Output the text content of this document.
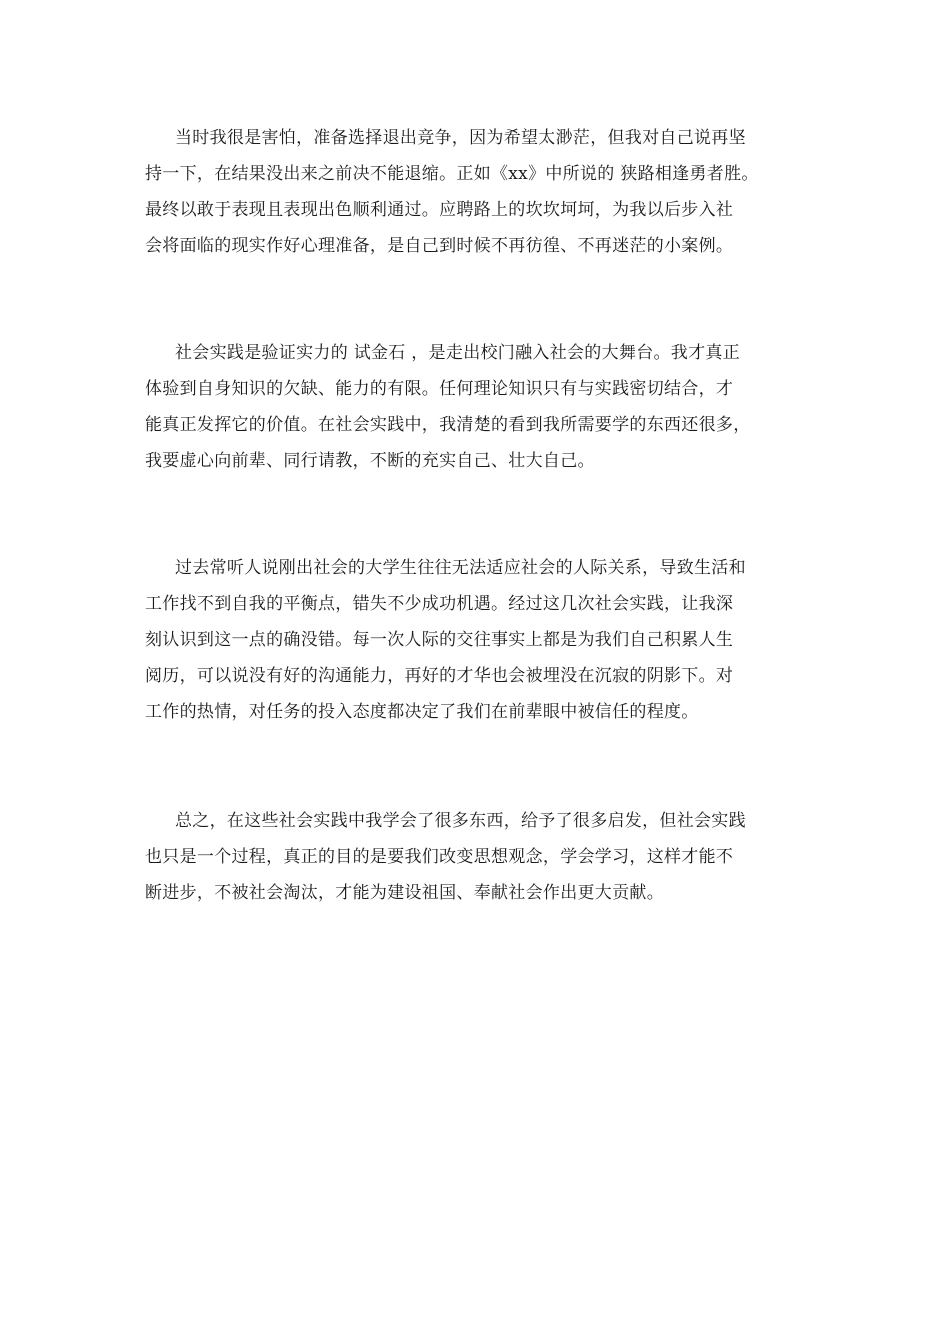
当时我很是害怕，准备选择退出竞争，因为希望太渺茫，但我对自己说再坚
持一下，在结果没出来之前决不能退缩。正如《xx》中所说的 狭路相逢勇者胜。
最终以敢于表现且表现出色顺利通过。应聘路上的坎坎坷坷，为我以后步入社
会将面临的现实作好心理准备，是自己到时候不再彷徨、不再迷茫的小案例。
社会实践是验证实力的 试金石 ，是走出校门融入社会的大舞台。我才真正
体验到自身知识的欠缺、能力的有限。任何理论知识只有与实践密切结合，才
能真正发挥它的价值。在社会实践中，我清楚的看到我所需要学的东西还很多，
我要虚心向前辈、同行请教，不断的充实自己、壮大自己。
过去常听人说刚出社会的大学生往往无法适应社会的人际关系，导致生活和
工作找不到自我的平衡点，错失不少成功机遇。经过这几次社会实践，让我深
刻认识到这一点的确没错。每一次人际的交往事实上都是为我们自己积累人生
阅历，可以说没有好的沟通能力，再好的才华也会被埋没在沉寂的阴影下。对
工作的热情，对任务的投入态度都决定了我们在前辈眼中被信任的程度。
总之，在这些社会实践中我学会了很多东西，给予了很多启发，但社会实践
也只是一个过程，真正的目的是要我们改变思想观念，学会学习，这样才能不
断进步，不被社会淘汰，才能为建设祖国、奉献社会作出更大贡献。
